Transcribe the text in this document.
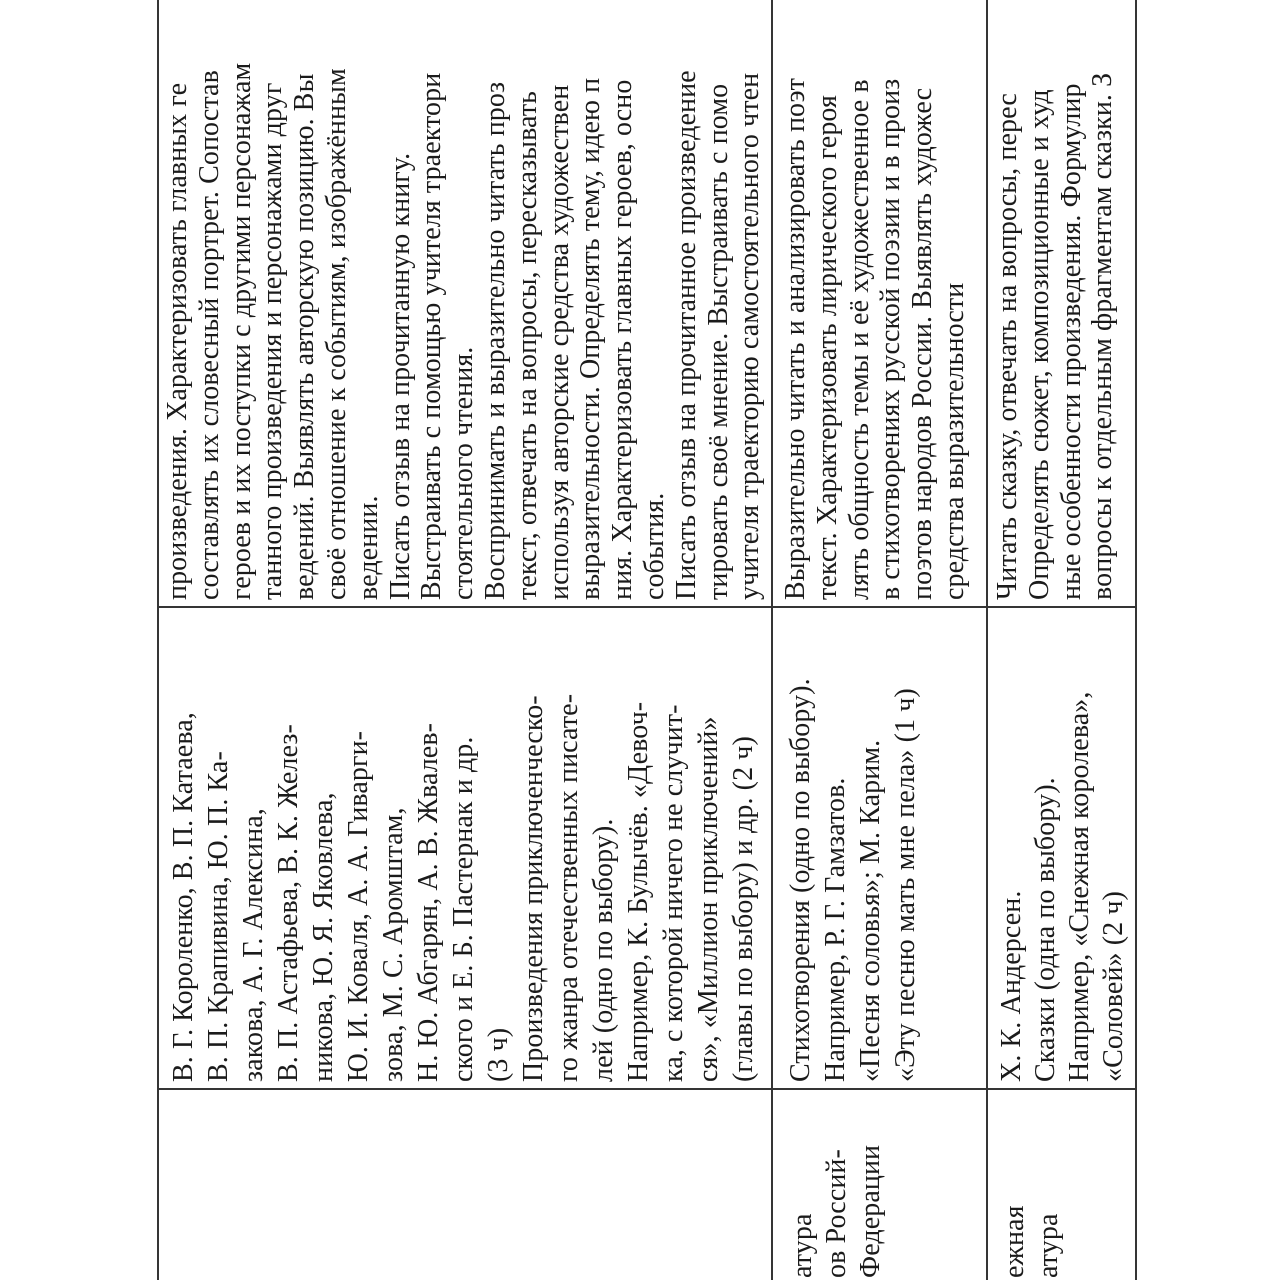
В. Г. Короленко, В. П. Катаева, В. П. Крапивина, Ю. П. Ка- закова, А. Г. Алексина, В. П. Астафьева, В. К. Желез- никова, Ю. Я. Яковлева, Ю. И. Коваля, А. А. Гиварги- зова, М. С. Аромштам, Н. Ю. Абгарян, А. В. Жвалев- ского и Е. Б. Пастернак и др. (3 ч) Произведения приключенческо- го жанра отечественных писате- лей (одно по выбору). Например, К. Булычёв. «Девоч- ка, с которой ничего не случит- ся», «Миллион приключений» (главы по выбору) и др. (2 ч)
произведения. Характеризовать главных ге составлять их словесный портрет. Сопостав героев и их поступки с другими персонажам танного произведения и персонажами друг ведений. Выявлять авторскую позицию. Вы своё отношение к событиям, изображённым ведении. Писать отзыв на прочитанную книгу. Выстраивать с помощью учителя траектори стоятельного чтения. Воспринимать и выразительно читать проз текст, отвечать на вопросы, пересказывать используя авторские средства художествен выразительности. Определять тему, идею п ния. Характеризовать главных героев, осно события. Писать отзыв на прочитанное произведение тировать своё мнение. Выстраивать с помо учителя траекторию самостоятельного чтен
атура ов Россий- Федерации
Стихотворения (одно по выбору). Например, Р. Г. Гамзатов. «Песня соловья»; М. Карим. «Эту песню мать мне пела» (1 ч)
Выразительно читать и анализировать поэт текст. Характеризовать лирического героя лять общность темы и её художественное в в стихотворениях русской поэзии и в произ поэтов народов России. Выявлять художес средства выразительности
ежная атура
Х. К. Андерсен. Сказки (одна по выбору). Например, «Снежная королева», «Соловей» (2 ч)
Читать сказку, отвечать на вопросы, перес Определять сюжет, композиционные и худ ные особенности произведения. Формулир вопросы к отдельным фрагментам сказки. З
